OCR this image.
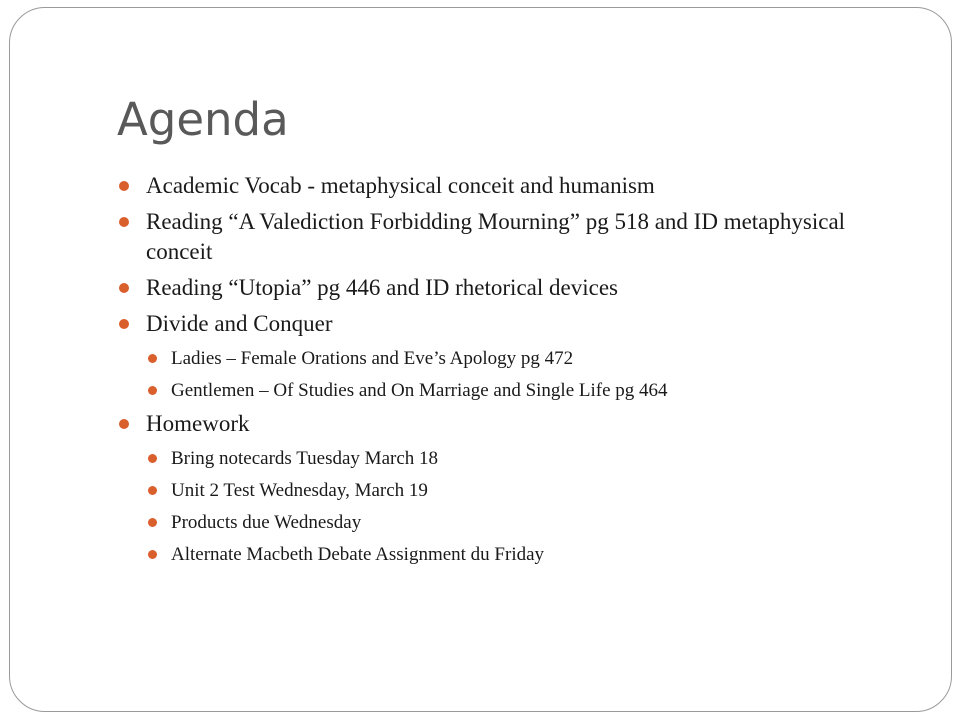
Agenda
Academic Vocab - metaphysical conceit and humanism
Reading “A Valediction Forbidding Mourning” pg 518 and ID metaphysical conceit
Reading “Utopia” pg 446 and ID rhetorical devices
Divide and Conquer
Ladies – Female Orations and Eve’s Apology pg 472
Gentlemen – Of Studies and On Marriage and Single Life pg 464
Homework
Bring notecards Tuesday March 18
Unit 2 Test Wednesday, March 19
Products due Wednesday
Alternate Macbeth Debate Assignment du Friday
